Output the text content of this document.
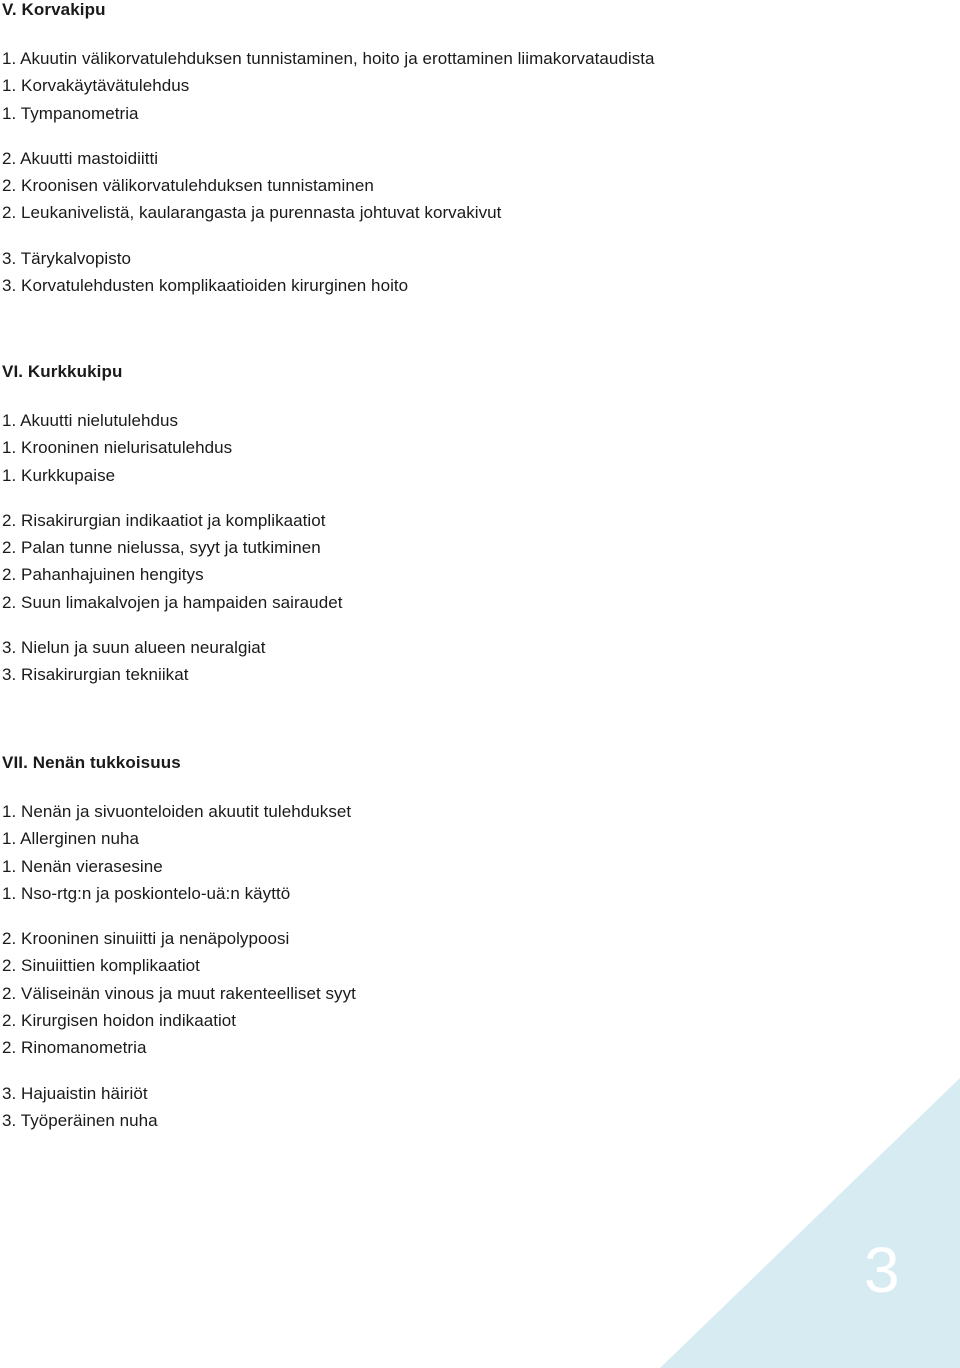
V. Korvakipu
1. Akuutin välikorvatulehduksen tunnistaminen, hoito ja erottaminen liimakorvataudista
1. Korvakäytävätulehdus
1. Tympanometria
2. Akuutti mastoidiitti
2. Kroonisen välikorvatulehduksen tunnistaminen
2. Leukanivelistä, kaularangasta ja purennasta johtuvat korvakivut
3. Tärykalvopisto
3. Korvatulehdusten komplikaatioiden kirurginen hoito
VI. Kurkkukipu
1. Akuutti nielutulehdus
1. Krooninen nielurisatulehdus
1. Kurkkupaise
2. Risakirurgian indikaatiot ja komplikaatiot
2. Palan tunne nielussa, syyt ja tutkiminen
2. Pahanhajuinen hengitys
2. Suun limakalvojen ja hampaiden sairaudet
3. Nielun ja suun alueen neuralgiat
3. Risakirurgian tekniikat
VII. Nenän tukkoisuus
1. Nenän ja sivuonteloiden akuutit tulehdukset
1. Allerginen nuha
1. Nenän vierasesine
1. Nso-rtg:n ja poskiontelo-uä:n käyttö
2. Krooninen sinuiitti ja nenäpolypoosi
2. Sinuiittien komplikaatiot
2. Väliseinän vinous ja muut rakenteelliset syyt
2. Kirurgisen hoidon indikaatiot
2. Rinomanometria
3. Hajuaistin häiriöt
3. Työperäinen nuha
3
